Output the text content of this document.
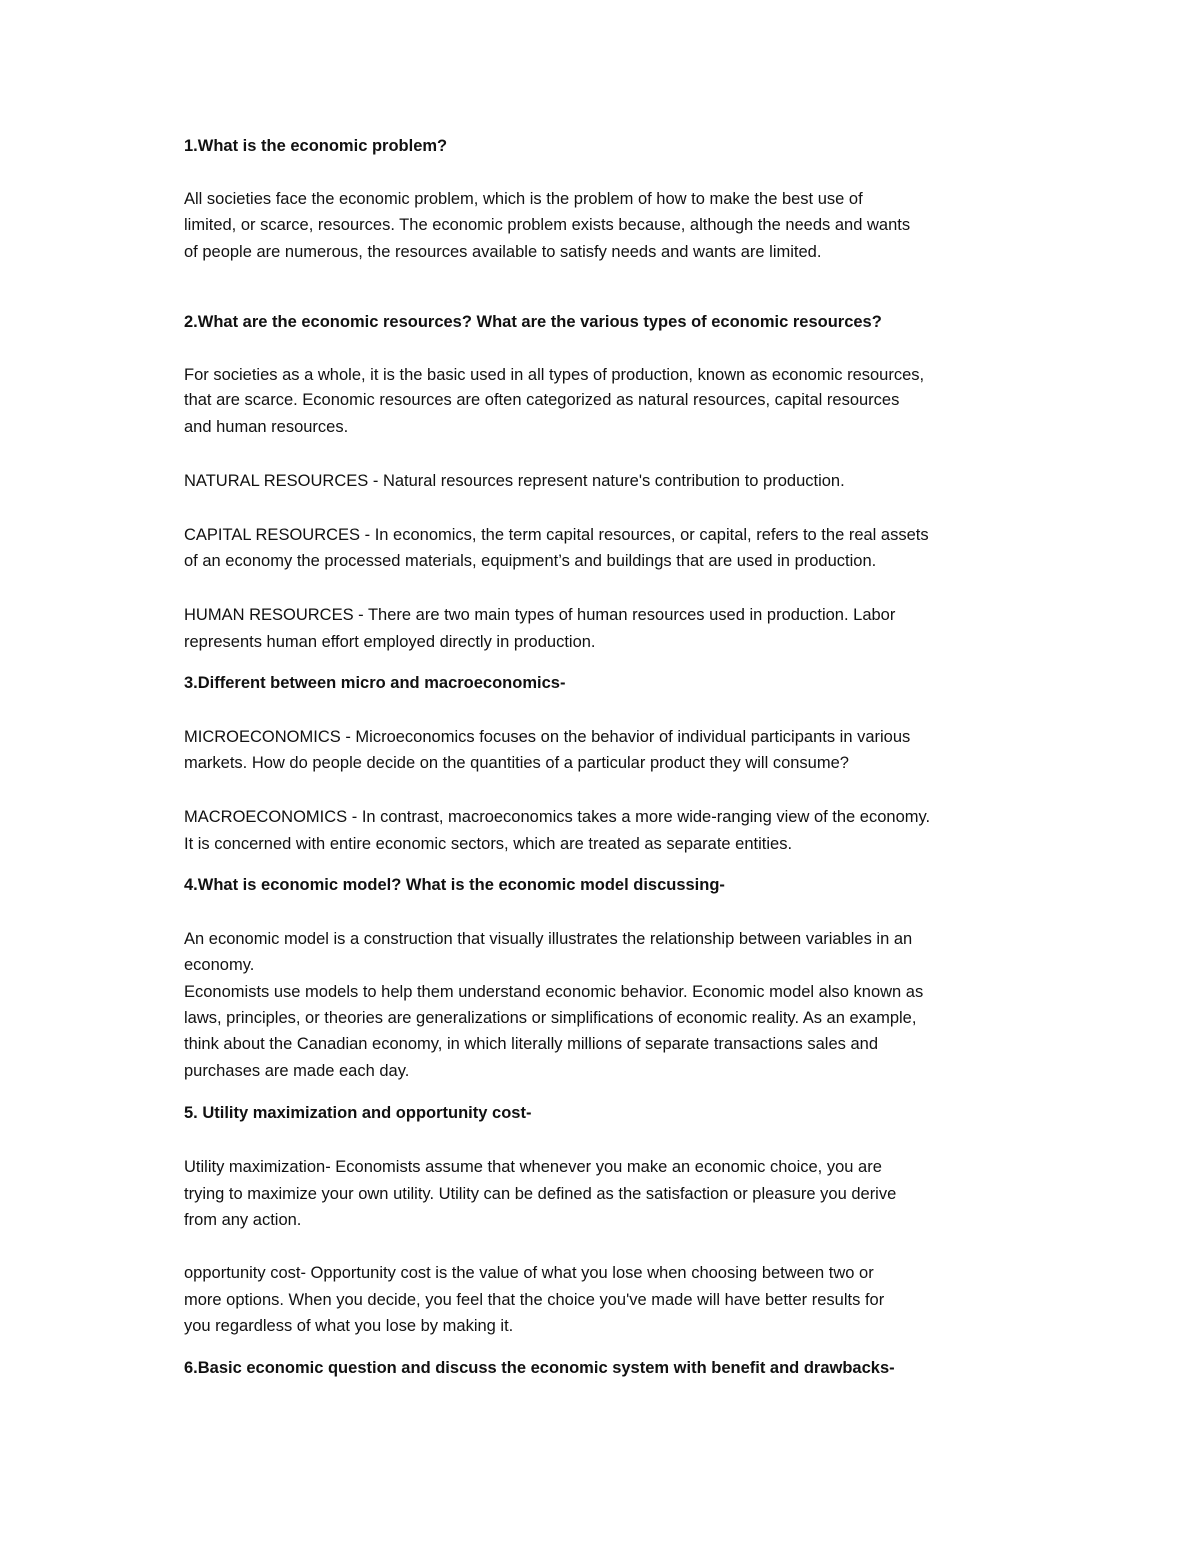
1.What is the economic problem?
All societies face the economic problem, which is the problem of how to make the best use of
limited, or scarce, resources. The economic problem exists because, although the needs and wants
of people are numerous, the resources available to satisfy needs and wants are limited.
2.What are the economic resources? What are the various types of economic resources?
For societies as a whole, it is the basic used in all types of production, known as economic resources,
that are scarce. Economic resources are often categorized as natural resources, capital resources
and human resources.
NATURAL RESOURCES - Natural resources represent nature's contribution to production.
CAPITAL RESOURCES - In economics, the term capital resources, or capital, refers to the real assets
of an economy the processed materials, equipment’s and buildings that are used in production.
HUMAN RESOURCES - There are two main types of human resources used in production. Labor
represents human effort employed directly in production.
3.Different between micro and macroeconomics-
MICROECONOMICS - Microeconomics focuses on the behavior of individual participants in various
markets. How do people decide on the quantities of a particular product they will consume?
MACROECONOMICS - In contrast, macroeconomics takes a more wide-ranging view of the economy.
It is concerned with entire economic sectors, which are treated as separate entities.
4.What is economic model? What is the economic model discussing-
An economic model is a construction that visually illustrates the relationship between variables in an
economy.
Economists use models to help them understand economic behavior. Economic model also known as
laws, principles, or theories are generalizations or simplifications of economic reality. As an example,
think about the Canadian economy, in which literally millions of separate transactions sales and
purchases are made each day.
5. Utility maximization and opportunity cost-
Utility maximization- Economists assume that whenever you make an economic choice, you are
trying to maximize your own utility. Utility can be defined as the satisfaction or pleasure you derive
from any action.
opportunity cost- Opportunity cost is the value of what you lose when choosing between two or
more options. When you decide, you feel that the choice you've made will have better results for
you regardless of what you lose by making it.
6.Basic economic question and discuss the economic system with benefit and drawbacks-
